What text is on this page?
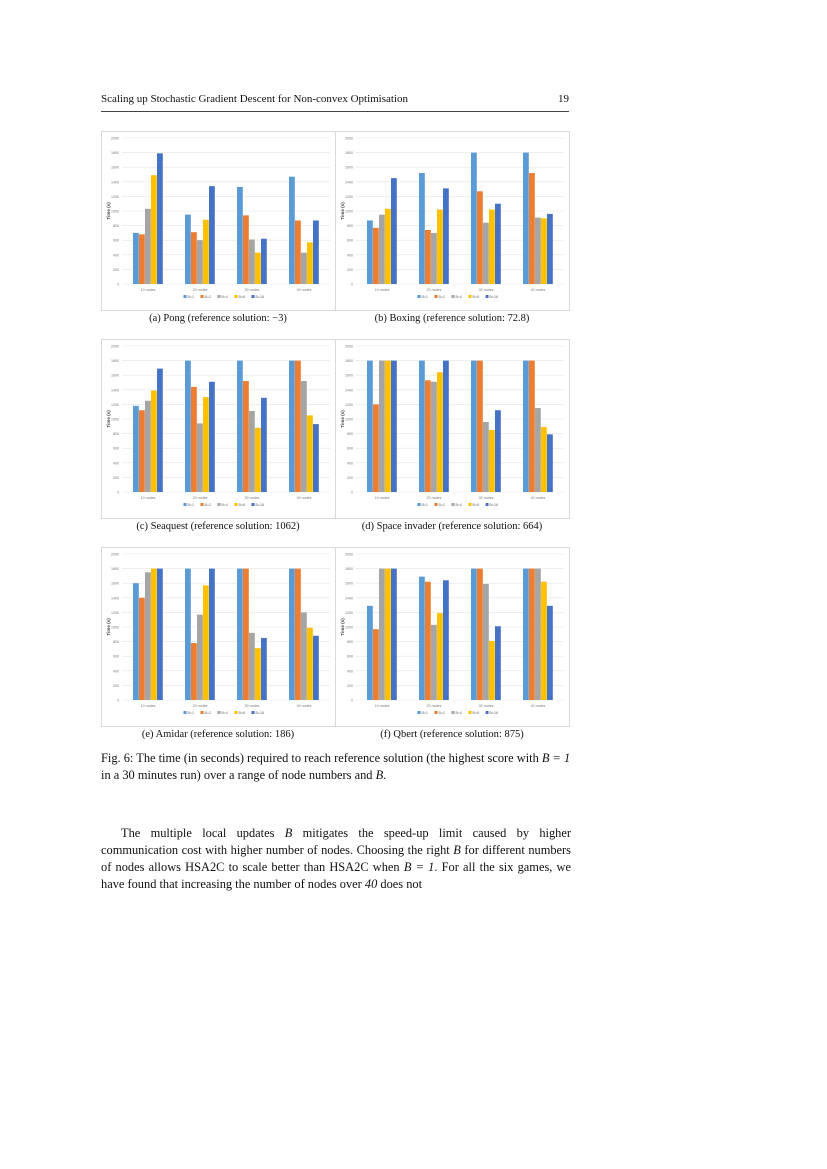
Scaling up Stochastic Gradient Descent for Non-convex Optimisation	19
2000
1800
1600
1400
1200
1000
800
600
400
200
0
Time (s)
10 nodes	20 nodes	30 nodes	40 nodes
B=1	B=2	B=4	B=8	B=16
2000
1800
1600
1400
1200
1000
800
600
400
200
0
Time (s)
10 nodes	20 nodes	30 nodes	40 nodes
B=1	B=2	B=4	B=8	B=16
(a) Pong (reference solution: −3)	(b) Boxing (reference solution: 72.8)
2000
1800
1600
1400
1200
1000
800
600
400
200
0
Time (s)
10 nodes	20 nodes	30 nodes	40 nodes
B=1	B=2	B=4	B=8	B=16
2000
1800
1600
1400
1200
1000
800
600
400
200
0
Time (s)
10 nodes	20 nodes	30 nodes	40 nodes
B=1	B=2	B=4	B=8	B=16
(c) Seaquest (reference solution: 1062)	(d) Space invader (reference solution: 664)
2000
1800
1600
1400
1200
1000
800
600
400
200
0
Time (s)
10 nodes	20 nodes	30 nodes	40 nodes
B=1	B=2	B=4	B=8	B=16
2000
1800
1600
1400
1200
1000
800
600
400
200
0
Time (s)
10 nodes	20 nodes	30 nodes	40 nodes
B=1	B=2	B=4	B=8	B=16
(e) Amidar (reference solution: 186)	(f) Qbert (reference solution: 875)
Fig. 6: The time (in seconds) required to reach reference solution (the highest score with B = 1 in a 30 minutes run) over a range of node numbers and B.
The multiple local updates B mitigates the speed-up limit caused by higher communication cost with higher number of nodes. Choosing the right B for different numbers of nodes allows HSA2C to scale better than HSA2C when B = 1. For all the six games, we have found that increasing the number of nodes over 40 does not
